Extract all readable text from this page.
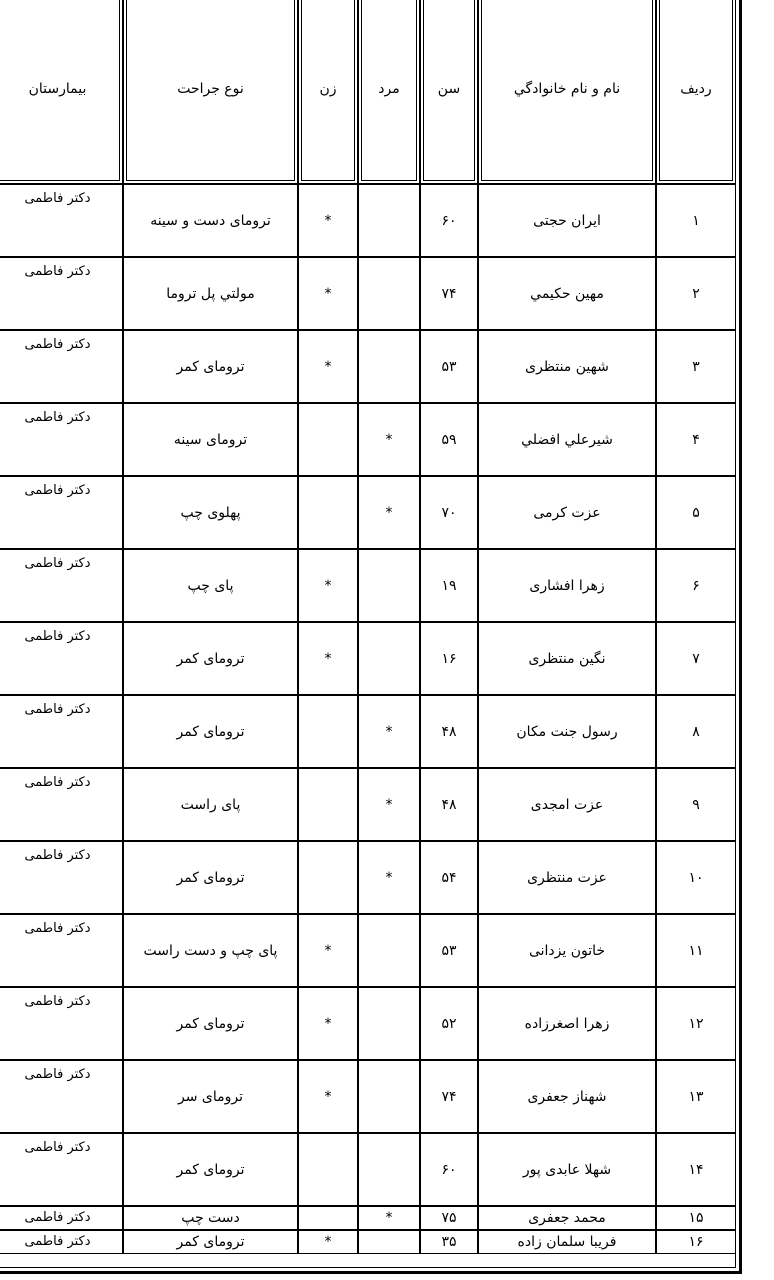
ردیف	نام و نام خانوادگي	سن	مرد	زن	نوع جراحت	بیمارستان
۱	ایران حجتی	۶۰		*	ترومای دست و سینه	دکتر فاطمی
۲	مهین حکیمي	۷۴		*	مولتي پل تروما	دکتر فاطمی
۳	شهین منتظری	۵۳		*	ترومای کمر	دکتر فاطمی
۴	شیرعلي افضلي	۵۹	*		ترومای سینه	دکتر فاطمی
۵	عزت کرمی	۷۰	*		پهلوی چپ	دکتر فاطمی
۶	زهرا افشاری	۱۹		*	پای چپ	دکتر فاطمی
۷	نگین منتظری	۱۶		*	ترومای کمر	دکتر فاطمی
۸	رسول جنت مکان	۴۸	*		ترومای کمر	دکتر فاطمی
۹	عزت امجدی	۴۸	*		پای راست	دکتر فاطمی
۱۰	عزت منتظری	۵۴	*		ترومای کمر	دکتر فاطمی
۱۱	خاتون یزدانی	۵۳		*	پای چپ و دست راست	دکتر فاطمی
۱۲	زهرا اصغرزاده	۵۲		*	ترومای کمر	دکتر فاطمی
۱۳	شهناز جعفری	۷۴		*	ترومای سر	دکتر فاطمی
۱۴	شهلا عابدی پور	۶۰			ترومای کمر	دکتر فاطمی
۱۵	محمد جعفری	۷۵	*		دست چپ	دکتر فاطمی
۱۶	فریبا سلمان زاده	۳۵		*	ترومای کمر	دکتر فاطمی
